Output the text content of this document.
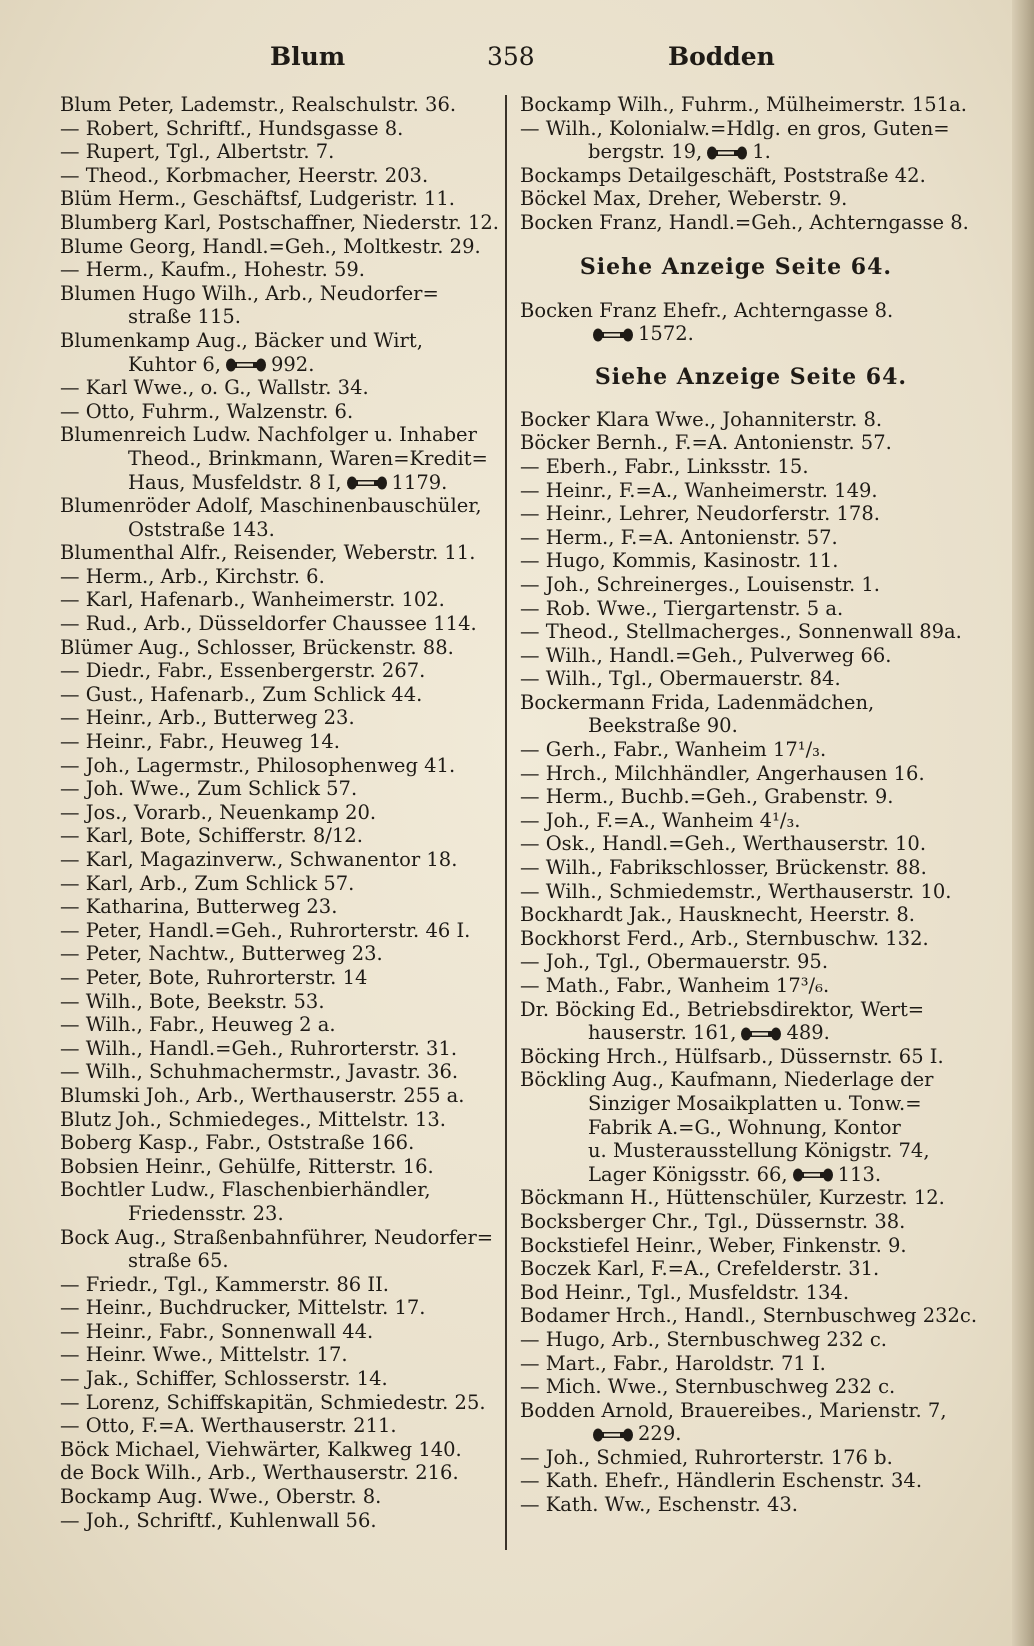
Blum	358	Bodden
Blum Peter, Lademstr., Realschulstr. 36.
— Robert, Schriftf., Hundsgasse 8.
— Rupert, Tgl., Albertstr. 7.
— Theod., Korbmacher, Heerstr. 203.
Blüm Herm., Geschäftsf, Ludgeristr. 11.
Blumberg Karl, Postschaffner, Niederstr. 12.
Blume Georg, Handl.=Geh., Moltkestr. 29.
— Herm., Kaufm., Hohestr. 59.
Blumen Hugo Wilh., Arb., Neudorfer=
straße 115.
Blumenkamp Aug., Bäcker und Wirt,
Kuhtor 6,	992.
— Karl Wwe., o. G., Wallstr. 34.
— Otto, Fuhrm., Walzenstr. 6.
Blumenreich Ludw. Nachfolger u. Inhaber
Theod., Brinkmann, Waren=Kredit=
Haus, Musfeldstr. 8 I,	1179.
Blumenröder Adolf, Maschinenbauschüler,
Oststraße 143.
Blumenthal Alfr., Reisender, Weberstr. 11.
— Herm., Arb., Kirchstr. 6.
— Karl, Hafenarb., Wanheimerstr. 102.
— Rud., Arb., Düsseldorfer Chaussee 114.
Blümer Aug., Schlosser, Brückenstr. 88.
— Diedr., Fabr., Essenbergerstr. 267.
— Gust., Hafenarb., Zum Schlick 44.
— Heinr., Arb., Butterweg 23.
— Heinr., Fabr., Heuweg 14.
— Joh., Lagermstr., Philosophenweg 41.
— Joh. Wwe., Zum Schlick 57.
— Jos., Vorarb., Neuenkamp 20.
— Karl, Bote, Schifferstr. 8/12.
— Karl, Magazinverw., Schwanentor 18.
— Karl, Arb., Zum Schlick 57.
— Katharina, Butterweg 23.
— Peter, Handl.=Geh., Ruhrorterstr. 46 I.
— Peter, Nachtw., Butterweg 23.
— Peter, Bote, Ruhrorterstr. 14
— Wilh., Bote, Beekstr. 53.
— Wilh., Fabr., Heuweg 2 a.
— Wilh., Handl.=Geh., Ruhrorterstr. 31.
— Wilh., Schuhmachermstr., Javastr. 36.
Blumski Joh., Arb., Werthauserstr. 255 a.
Blutz Joh., Schmiedeges., Mittelstr. 13.
Boberg Kasp., Fabr., Oststraße 166.
Bobsien Heinr., Gehülfe, Ritterstr. 16.
Bochtler Ludw., Flaschenbierhändler,
Friedensstr. 23.
Bock Aug., Straßenbahnführer, Neudorfer=
straße 65.
— Friedr., Tgl., Kammerstr. 86 II.
— Heinr., Buchdrucker, Mittelstr. 17.
— Heinr., Fabr., Sonnenwall 44.
— Heinr. Wwe., Mittelstr. 17.
— Jak., Schiffer, Schlosserstr. 14.
— Lorenz, Schiffskapitän, Schmiedestr. 25.
— Otto, F.=A. Werthauserstr. 211.
Böck Michael, Viehwärter, Kalkweg 140.
de Bock Wilh., Arb., Werthauserstr. 216.
Bockamp Aug. Wwe., Oberstr. 8.
— Joh., Schriftf., Kuhlenwall 56.
Bockamp Wilh., Fuhrm., Mülheimerstr. 151a.
— Wilh., Kolonialw.=Hdlg. en gros, Guten=
bergstr. 19,	1.
Bockamps Detailgeschäft, Poststraße 42.
Böckel Max, Dreher, Weberstr. 9.
Bocken Franz, Handl.=Geh., Achterngasse 8.
Siehe Anzeige Seite 64.
Bocken Franz Ehefr., Achterngasse 8.
1572.
Siehe Anzeige Seite 64.
Bocker Klara Wwe., Johanniterstr. 8.
Böcker Bernh., F.=A. Antonienstr. 57.
— Eberh., Fabr., Linksstr. 15.
— Heinr., F.=A., Wanheimerstr. 149.
— Heinr., Lehrer, Neudorferstr. 178.
— Herm., F.=A. Antonienstr. 57.
— Hugo, Kommis, Kasinostr. 11.
— Joh., Schreinerges., Louisenstr. 1.
— Rob. Wwe., Tiergartenstr. 5 a.
— Theod., Stellmacherges., Sonnenwall 89a.
— Wilh., Handl.=Geh., Pulverweg 66.
— Wilh., Tgl., Obermauerstr. 84.
Bockermann Frida, Ladenmädchen,
Beekstraße 90.
— Gerh., Fabr., Wanheim 17¹/₃.
— Hrch., Milchhändler, Angerhausen 16.
— Herm., Buchb.=Geh., Grabenstr. 9.
— Joh., F.=A., Wanheim 4¹/₃.
— Osk., Handl.=Geh., Werthauserstr. 10.
— Wilh., Fabrikschlosser, Brückenstr. 88.
— Wilh., Schmiedemstr., Werthauserstr. 10.
Bockhardt Jak., Hausknecht, Heerstr. 8.
Bockhorst Ferd., Arb., Sternbuschw. 132.
— Joh., Tgl., Obermauerstr. 95.
— Math., Fabr., Wanheim 17³/₆.
Dr. Böcking Ed., Betriebsdirektor, Wert=
hauserstr. 161,	489.
Böcking Hrch., Hülfsarb., Düssernstr. 65 I.
Böckling Aug., Kaufmann, Niederlage der
Sinziger Mosaikplatten u. Tonw.=
Fabrik A.=G., Wohnung, Kontor
u. Musterausstellung Königstr. 74,
Lager Königsstr. 66,	113.
Böckmann H., Hüttenschüler, Kurzestr. 12.
Bocksberger Chr., Tgl., Düssernstr. 38.
Bockstiefel Heinr., Weber, Finkenstr. 9.
Boczek Karl, F.=A., Crefelderstr. 31.
Bod Heinr., Tgl., Musfeldstr. 134.
Bodamer Hrch., Handl., Sternbuschweg 232c.
— Hugo, Arb., Sternbuschweg 232 c.
— Mart., Fabr., Haroldstr. 71 I.
— Mich. Wwe., Sternbuschweg 232 c.
Bodden Arnold, Brauereibes., Marienstr. 7,
229.
— Joh., Schmied, Ruhrorterstr. 176 b.
— Kath. Ehefr., Händlerin Eschenstr. 34.
— Kath. Ww., Eschenstr. 43.
